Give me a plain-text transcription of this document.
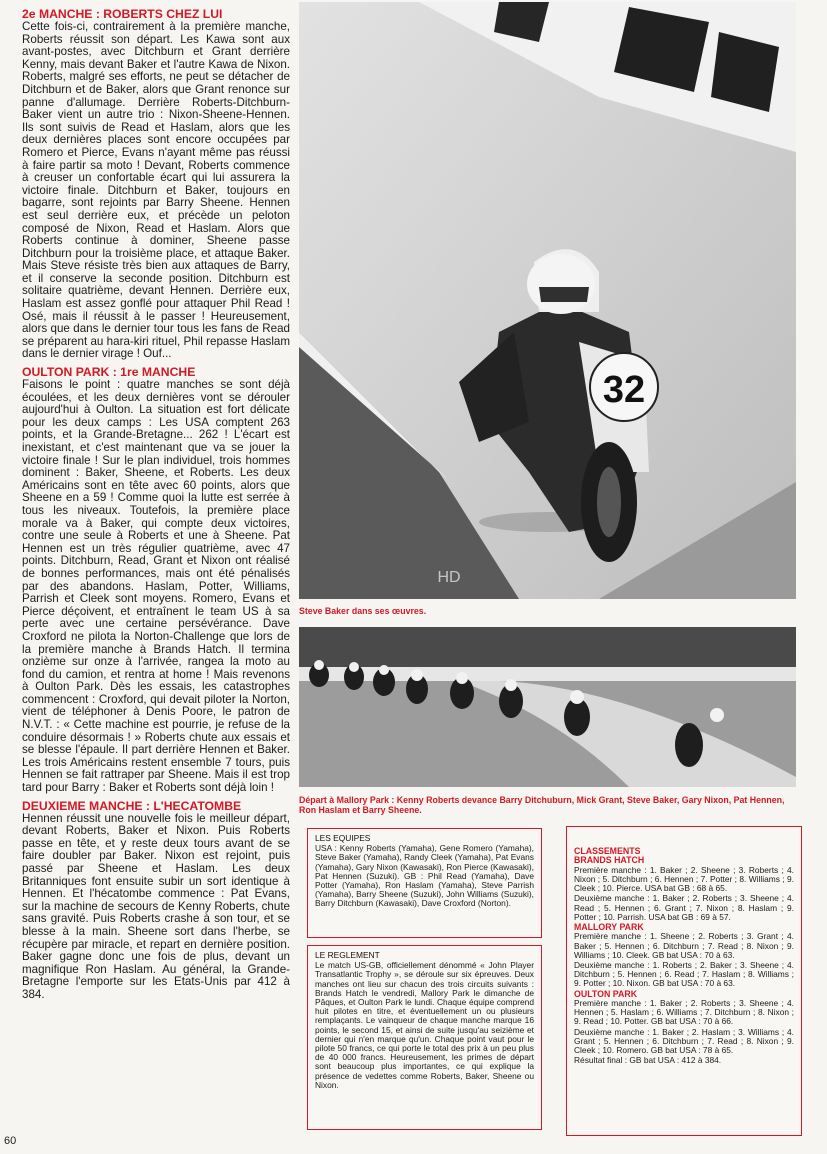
2e MANCHE : ROBERTS CHEZ LUI

Cette fois-ci, contrairement à la première manche, Roberts réussit son départ. Les Kawa sont aux avant-postes, avec Ditchburn et Grant derrière Kenny, mais devant Baker et l'autre Kawa de Nixon. Roberts, malgré ses efforts, ne peut se détacher de Ditchburn et de Baker, alors que Grant renonce sur panne d'allumage. Derrière Roberts-Ditchburn-Baker vient un autre trio : Nixon-Sheene-Hennen. Ils sont suivis de Read et Haslam, alors que les deux dernières places sont encore occupées par Romero et Pierce, Evans n'ayant même pas réussi à faire partir sa moto ! Devant, Roberts commence à creuser un confortable écart qui lui assurera la victoire finale. Ditchburn et Baker, toujours en bagarre, sont rejoints par Barry Sheene. Hennen est seul derrière eux, et précède un peloton composé de Nixon, Read et Haslam. Alors que Roberts continue à dominer, Sheene passe Ditchburn pour la troisième place, et attaque Baker. Mais Steve résiste très bien aux attaques de Barry, et il conserve la seconde position. Ditchburn est solitaire quatrième, devant Hennen. Derrière eux, Haslam est assez gonflé pour attaquer Phil Read ! Osé, mais il réussit à le passer ! Heureusement, alors que dans le dernier tour tous les fans de Read se préparent au hara-kiri rituel, Phil repasse Haslam dans le dernier virage ! Ouf...

OULTON PARK : 1re MANCHE

Faisons le point : quatre manches se sont déjà écoulées, et les deux dernières vont se dérouler aujourd'hui à Oulton. La situation est fort délicate pour les deux camps : Les USA comptent 263 points, et la Grande-Bretagne... 262 ! L'écart est inexistant, et c'est maintenant que va se jouer la victoire finale ! Sur le plan individuel, trois hommes dominent : Baker, Sheene, et Roberts. Les deux Américains sont en tête avec 60 points, alors que Sheene en a 59 ! Comme quoi la lutte est serrée à tous les niveaux. Toutefois, la première place morale va à Baker, qui compte deux victoires, contre une seule à Roberts et une à Sheene. Pat Hennen est un très régulier quatrième, avec 47 points. Ditchburn, Read, Grant et Nixon ont réalisé de bonnes performances, mais ont été pénalisés par des abandons. Haslam, Potter, Williams, Parrish et Cleek sont moyens. Romero, Evans et Pierce déçoivent, et entraînent le team US à sa perte avec une certaine persévérance. Dave Croxford ne pilota la Norton-Challenge que lors de la première manche à Brands Hatch. Il termina onzième sur onze à l'arrivée, rangea la moto au fond du camion, et rentra at home ! Mais revenons à Oulton Park. Dès les essais, les catastrophes commencent : Croxford, qui devait piloter la Norton, vient de téléphoner à Denis Poore, le patron de N.V.T. : « Cette machine est pourrie, je refuse de la conduire désormais ! » Roberts chute aux essais et se blesse l'épaule. Il part derrière Hennen et Baker. Les trois Américains restent ensemble 7 tours, puis Hennen se fait rattraper par Sheene. Mais il est trop tard pour Barry : Baker et Roberts sont déjà loin !

DEUXIEME MANCHE : L'HECATOMBE

Hennen réussit une nouvelle fois le meilleur départ, devant Roberts, Baker et Nixon. Puis Roberts passe en tête, et y reste deux tours avant de se faire doubler par Baker. Nixon est rejoint, puis passé par Sheene et Haslam. Les deux Britanniques font ensuite subir un sort identique à Hennen. Et l'hécatombe commence : Pat Evans, sur la machine de secours de Kenny Roberts, chute sans gravité. Puis Roberts crashe à son tour, et se blesse à la main. Sheene sort dans l'herbe, se récupère par miracle, et repart en dernière position. Baker gagne donc une fois de plus, devant un magnifique Ron Haslam. Au général, la Grande-Bretagne l'emporte sur les Etats-Unis par 412 à 384.

60
32
HD
Steve Baker dans ses œuvres.
Départ à Mallory Park : Kenny Roberts devance Barry Ditchuburn, Mick Grant, Steve Baker, Gary Nixon, Pat Hennen, Ron Haslam et Barry Sheene.
LES EQUIPES

USA : Kenny Roberts (Yamaha), Gene Romero (Yamaha), Steve Baker (Yamaha), Randy Cleek (Yamaha), Pat Evans (Yamaha), Gary Nixon (Kawasaki), Ron Pierce (Kawasaki), Pat Hennen (Suzuki). GB : Phil Read (Yamaha), Dave Potter (Yamaha), Ron Haslam (Yamaha), Steve Parrish (Yamaha), Barry Sheene (Suzuki), John Williams (Suzuki), Barry Ditchburn (Kawasaki), Dave Croxford (Norton).

LE REGLEMENT

Le match US-GB, officiellement dénommé « John Player Transatlantic Trophy », se déroule sur six épreuves. Deux manches ont lieu sur chacun des trois circuits suivants : Brands Hatch le vendredi, Mallory Park le dimanche de Pâques, et Oulton Park le lundi. Chaque équipe comprend huit pilotes en titre, et éventuellement un ou plusieurs remplaçants. Le vainqueur de chaque manche marque 16 points, le second 15, et ainsi de suite jusqu'au seizième et dernier qui n'en marque qu'un. Chaque point vaut pour le pilote 50 francs, ce qui porte le total des prix à un peu plus de 40 000 francs. Heureusement, les primes de départ sont beaucoup plus importantes, ce qui explique la présence de vedettes comme Roberts, Baker, Sheene ou Nixon.

CLASSEMENTS
BRANDS HATCH

Première manche : 1. Baker ; 2. Sheene ; 3. Roberts ; 4. Nixon ; 5. Ditchburn ; 6. Hennen ; 7. Potter ; 8. Williams ; 9. Cleek ; 10. Pierce. USA bat GB : 68 à 65.

Deuxième manche : 1. Baker ; 2. Roberts ; 3. Sheene ; 4. Read ; 5. Hennen ; 6. Grant ; 7. Nixon ; 8. Haslam ; 9. Potter ; 10. Parrish. USA bat GB : 69 à 57.

MALLORY PARK

Première manche : 1. Sheene ; 2. Roberts ; 3. Grant ; 4. Baker ; 5. Hennen ; 6. Ditchburn ; 7. Read ; 8. Nixon ; 9. Williams ; 10. Cleek. GB bat USA : 70 à 63.

Deuxième manche : 1. Roberts ; 2. Baker ; 3. Sheene ; 4. Ditchburn ; 5. Hennen ; 6. Read ; 7. Haslam ; 8. Williams ; 9. Potter ; 10. Nixon. GB bat USA : 70 à 63.

OULTON PARK

Première manche : 1. Baker ; 2. Roberts ; 3. Sheene ; 4. Hennen ; 5. Haslam ; 6. Williams ; 7. Ditchburn ; 8. Nixon ; 9. Read ; 10. Potter. GB bat USA : 70 à 66.

Deuxième manche : 1. Baker ; 2. Haslam ; 3. Williams ; 4. Grant ; 5. Hennen ; 6. Ditchburn ; 7. Read ; 8. Nixon ; 9. Cleek ; 10. Romero. GB bat USA : 78 à 65.

Résultat final : GB bat USA : 412 à 384.
